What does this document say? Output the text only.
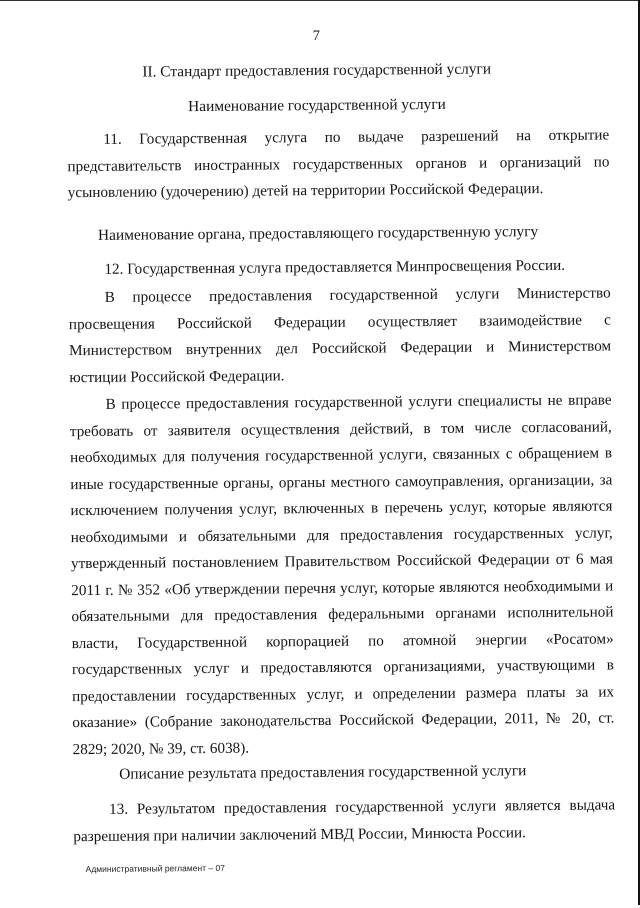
7
II. Стандарт предоставления государственной услуги
Наименование государственной услуги
11. Государственная услуга по выдаче разрешений на открытие представительств иностранных государственных органов и организаций по усыновлению (удочерению) детей на территории Российской Федерации.
Наименование органа, предоставляющего государственную услугу
12. Государственная услуга предоставляется Минпросвещения России.
В процессе предоставления государственной услуги Министерство просвещения Российской Федерации осуществляет взаимодействие с Министерством внутренних дел Российской Федерации и Министерством юстиции Российской Федерации.
В процессе предоставления государственной услуги специалисты не вправе требовать от заявителя осуществления действий, в том числе согласований, необходимых для получения государственной услуги, связанных с обращением в иные государственные органы, органы местного самоуправления, организации, за исключением получения услуг, включенных в перечень услуг, которые являются необходимыми и обязательными для предоставления государственных услуг, утвержденный постановлением Правительством Российской Федерации от 6 мая 2011 г. № 352 «Об утверждении перечня услуг, которые являются необходимыми и обязательными для предоставления федеральными органами исполнительной власти, Государственной корпорацией по атомной энергии «Росатом» государственных услуг и предоставляются организациями, участвующими в предоставлении государственных услуг, и определении размера платы за их оказание» (Собрание законодательства Российской Федерации, 2011, № 20, ст. 2829; 2020, № 39, ст. 6038).
Описание результата предоставления государственной услуги
13. Результатом предоставления государственной услуги является выдача разрешения при наличии заключений МВД России, Минюста России.
Административный регламент – 07
